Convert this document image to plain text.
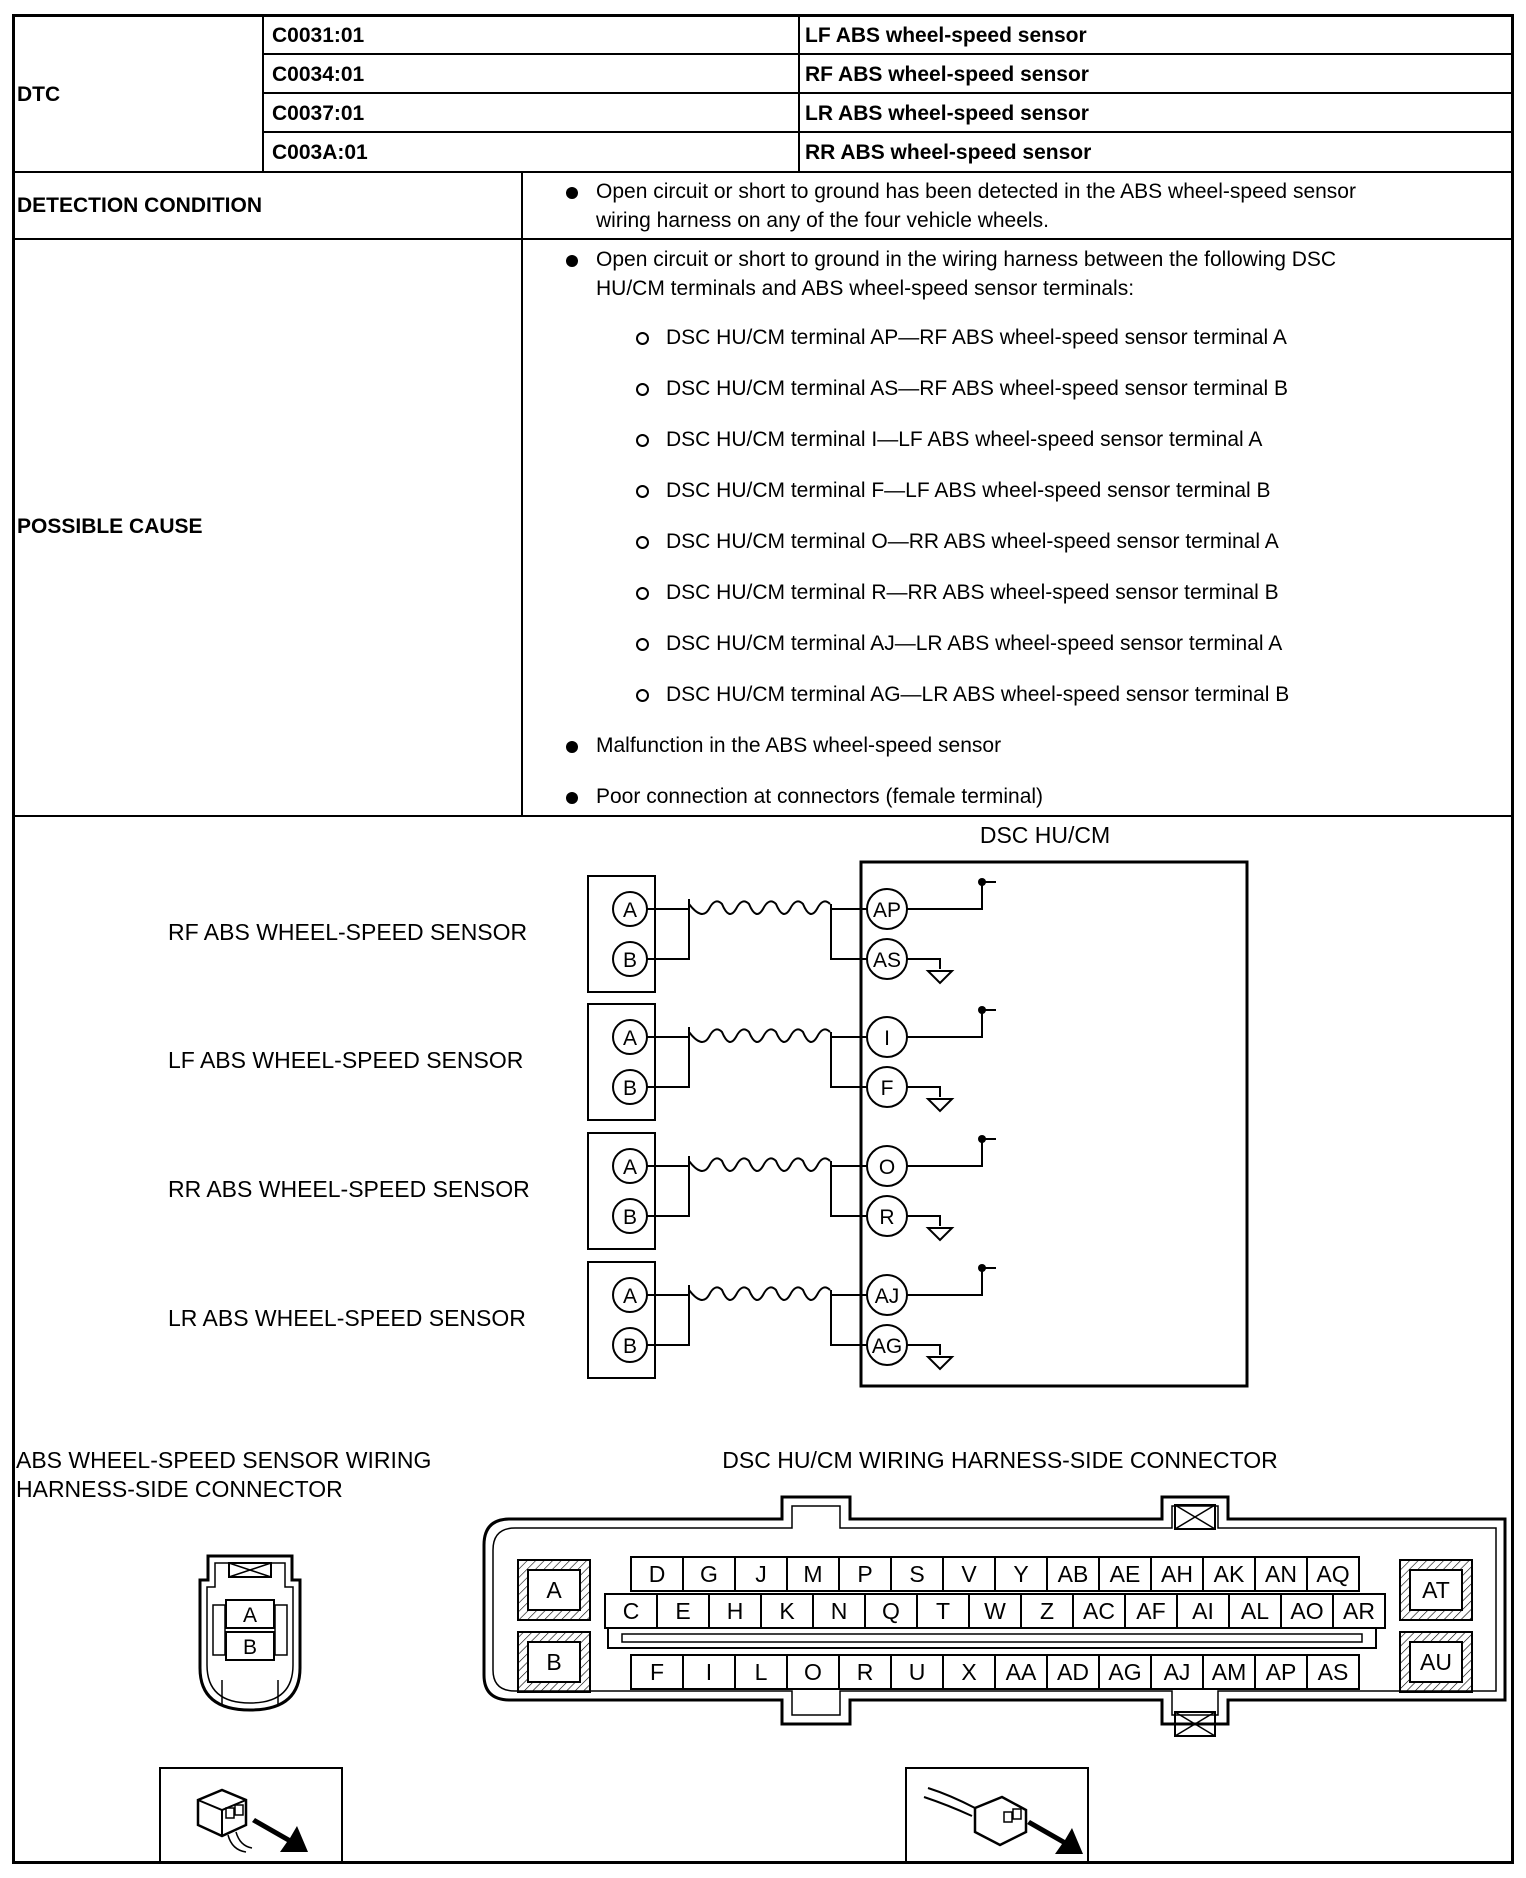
DTC
C0031:01	LF ABS wheel-speed sensor
C0034:01	RF ABS wheel-speed sensor
C0037:01	LR ABS wheel-speed sensor
C003A:01	RR ABS wheel-speed sensor
DETECTION CONDITION
Open circuit or short to ground has been detected in the ABS wheel-speed sensor
wiring harness on any of the four vehicle wheels.
POSSIBLE CAUSE
Open circuit or short to ground in the wiring harness between the following DSC
HU/CM terminals and ABS wheel-speed sensor terminals:
DSC HU/CM terminal AP—RF ABS wheel-speed sensor terminal A
DSC HU/CM terminal AS—RF ABS wheel-speed sensor terminal B
DSC HU/CM terminal I—LF ABS wheel-speed sensor terminal A
DSC HU/CM terminal F—LF ABS wheel-speed sensor terminal B
DSC HU/CM terminal O—RR ABS wheel-speed sensor terminal A
DSC HU/CM terminal R—RR ABS wheel-speed sensor terminal B
DSC HU/CM terminal AJ—LR ABS wheel-speed sensor terminal A
DSC HU/CM terminal AG—LR ABS wheel-speed sensor terminal B
Malfunction in the ABS wheel-speed sensor
Poor connection at connectors (female terminal)
DSC HU/CM
RF ABS WHEEL-SPEED SENSOR
A
B
AP
AS
LF ABS WHEEL-SPEED SENSOR
A
B
I
F
RR ABS WHEEL-SPEED SENSOR
A
B
O
R
LR ABS WHEEL-SPEED SENSOR
A
B
AJ
AG
ABS WHEEL-SPEED SENSOR WIRING
HARNESS-SIDE CONNECTOR
DSC HU/CM WIRING HARNESS-SIDE CONNECTOR
A
B
A
B
AT
AU
D G J M P S V Y AB AE AH AK AN AQ
C E H K N Q T W Z AC AF AI AL AO AR
F I L O R U X AA AD AG AJ AM AP AS
